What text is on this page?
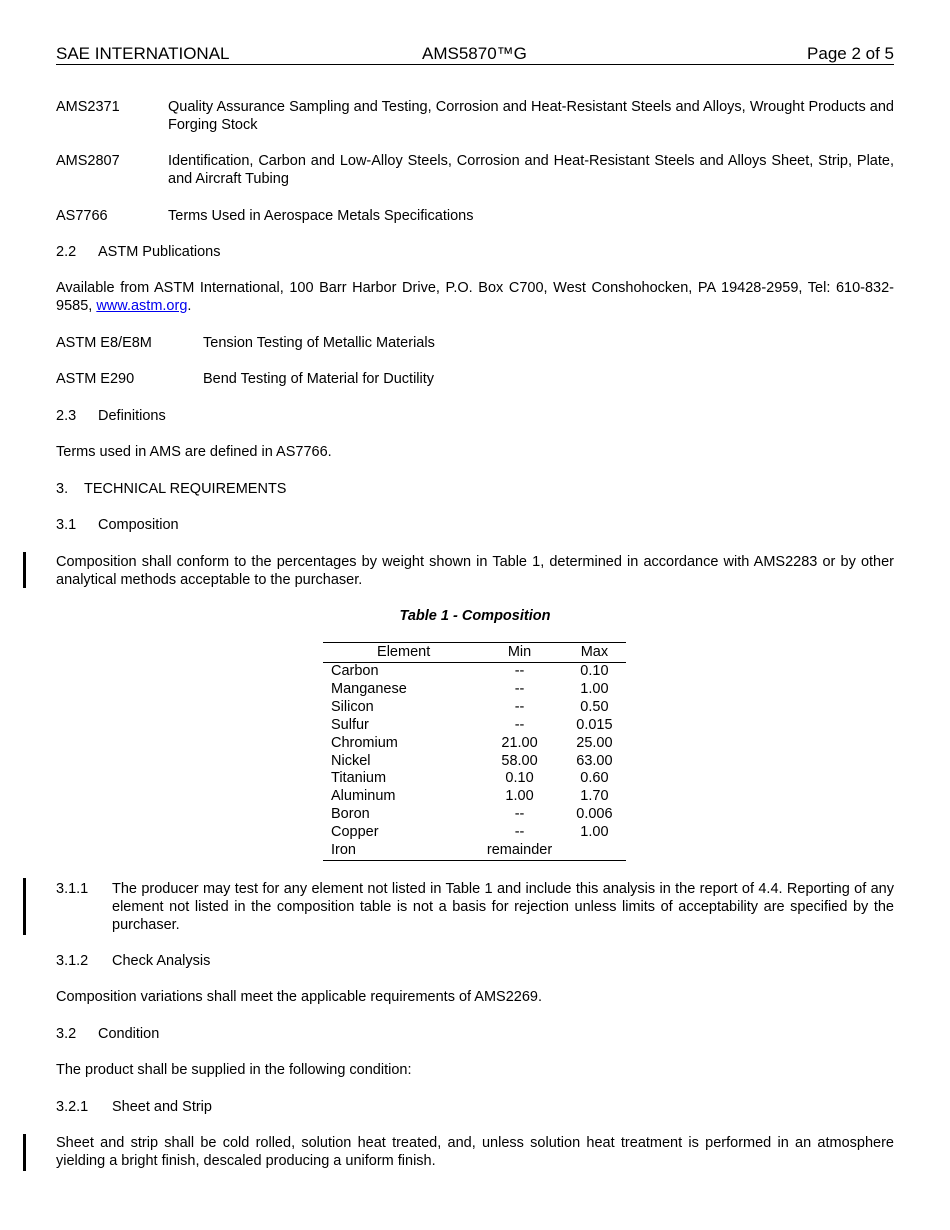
SAE INTERNATIONAL	AMS5870™G	Page 2 of 5
AMS2371	Quality Assurance Sampling and Testing, Corrosion and Heat-Resistant Steels and Alloys, Wrought Products and Forging Stock
AMS2807	Identification, Carbon and Low-Alloy Steels, Corrosion and Heat-Resistant Steels and Alloys Sheet, Strip, Plate, and Aircraft Tubing
AS7766	Terms Used in Aerospace Metals Specifications
2.2 ASTM Publications
Available from ASTM International, 100 Barr Harbor Drive, P.O. Box C700, West Conshohocken, PA 19428-2959, Tel: 610-832-9585, www.astm.org.
ASTM E8/E8M	Tension Testing of Metallic Materials
ASTM E290	Bend Testing of Material for Ductility
2.3 Definitions
Terms used in AMS are defined in AS7766.
3. TECHNICAL REQUIREMENTS
3.1 Composition
Composition shall conform to the percentages by weight shown in Table 1, determined in accordance with AMS2283 or by other analytical methods acceptable to the purchaser.
Table 1 - Composition
Element	Min	Max
Carbon	--	0.10
Manganese	--	1.00
Silicon	--	0.50
Sulfur	--	0.015
Chromium	21.00	25.00
Nickel	58.00	63.00
Titanium	0.10	0.60
Aluminum	1.00	1.70
Boron	--	0.006
Copper	--	1.00
Iron	remainder	
3.1.1 The producer may test for any element not listed in Table 1 and include this analysis in the report of 4.4. Reporting of any element not listed in the composition table is not a basis for rejection unless limits of acceptability are specified by the purchaser.
3.1.2 Check Analysis
Composition variations shall meet the applicable requirements of AMS2269.
3.2 Condition
The product shall be supplied in the following condition:
3.2.1 Sheet and Strip
Sheet and strip shall be cold rolled, solution heat treated, and, unless solution heat treatment is performed in an atmosphere yielding a bright finish, descaled producing a uniform finish.
